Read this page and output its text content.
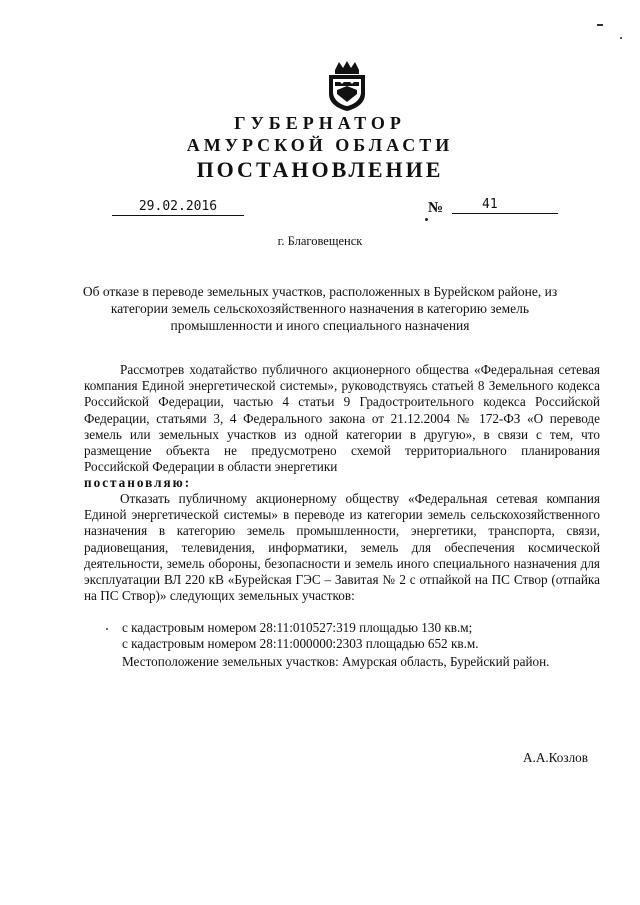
ГУБЕРНАТОР
АМУРСКОЙ ОБЛАСТИ
ПОСТАНОВЛЕНИЕ
29.02.2016	№	41
г. Благовещенск
Об отказе в переводе земельных участков, расположенных в Бурейском районе, из категории земель сельскохозяйственного назначения в категорию земель промышленности и иного специального назначения
Рассмотрев ходатайство публичного акционерного общества «Федеральная сетевая компания Единой энергетической системы», руководствуясь статьей 8 Земельного кодекса Российской Федерации, частью 4 статьи 9 Градостроительного кодекса Российской Федерации, статьями 3, 4 Федерального закона от 21.12.2004 № 172-ФЗ «О переводе земель или земельных участков из одной категории в другую», в связи с тем, что размещение объекта не предусмотрено схемой территориального планирования Российской Федерации в области энергетики
постановляю:
Отказать публичному акционерному обществу «Федеральная сетевая компания Единой энергетической системы» в переводе из категории земель сельскохозяйственного назначения в категорию земель промышленности, энергетики, транспорта, связи, радиовещания, телевидения, информатики, земель для обеспечения космической деятельности, земель обороны, безопасности и земель иного специального назначения для эксплуатации ВЛ 220 кВ «Бурейская ГЭС – Завитая № 2 с отпайкой на ПС Створ (отпайка на ПС Створ)» следующих земельных участков:
с кадастровым номером 28:11:010527:319 площадью 130 кв.м;
с кадастровым номером 28:11:000000:2303 площадью 652 кв.м.
Местоположение земельных участков: Амурская область, Бурейский район.
А.А.Козлов
